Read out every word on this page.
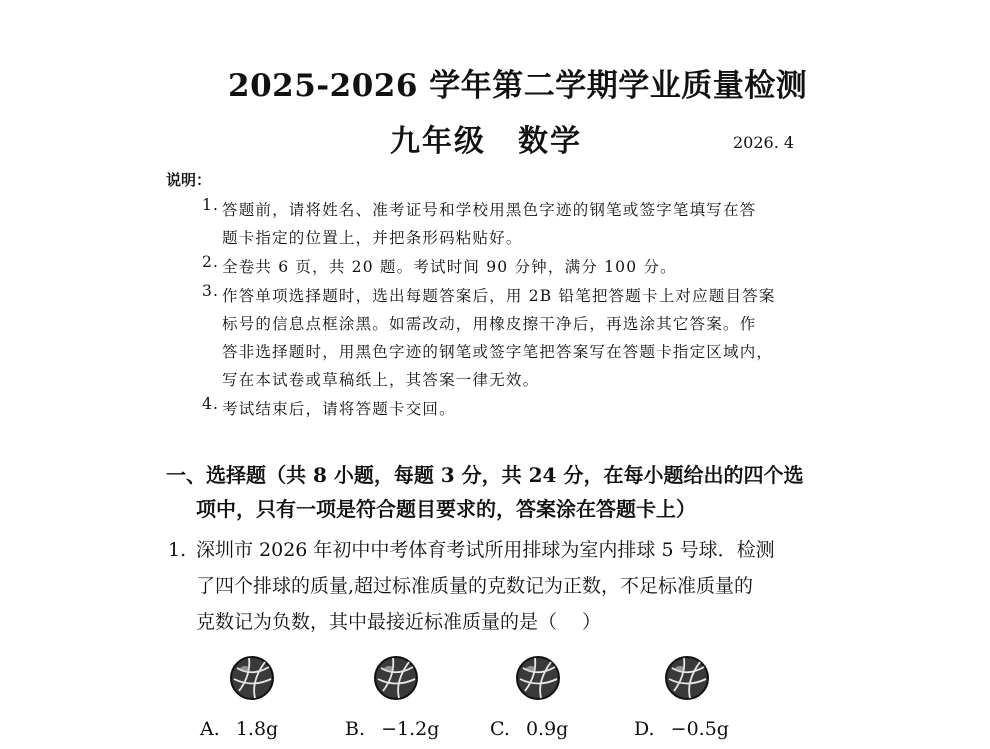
2025-2026 学年第二学期学业质量检测
九年级　数学	2026. 4
说明：
1. 答题前，请将姓名、准考证号和学校用黑色字迹的钢笔或签字笔填写在答
题卡指定的位置上，并把条形码粘贴好。
2. 全卷共 6 页，共 20 题。考试时间 90 分钟，满分 100 分。
3. 作答单项选择题时，选出每题答案后，用 2B 铅笔把答题卡上对应题目答案
标号的信息点框涂黑。如需改动，用橡皮擦干净后，再选涂其它答案。作
答非选择题时，用黑色字迹的钢笔或签字笔把答案写在答题卡指定区域内，
写在本试卷或草稿纸上，其答案一律无效。
4. 考试结束后，请将答题卡交回。
一、选择题（共 8 小题，每题 3 分，共 24 分，在每小题给出的四个选
项中，只有一项是符合题目要求的，答案涂在答题卡上）
1. 深圳市 2026 年初中中考体育考试所用排球为室内排球 5 号球．检测
了四个排球的质量,超过标准质量的克数记为正数，不足标准质量的
克数记为负数，其中最接近标准质量的是（　 ）
A. 1.8g	B. −1.2g	C. 0.9g	D. −0.5g
